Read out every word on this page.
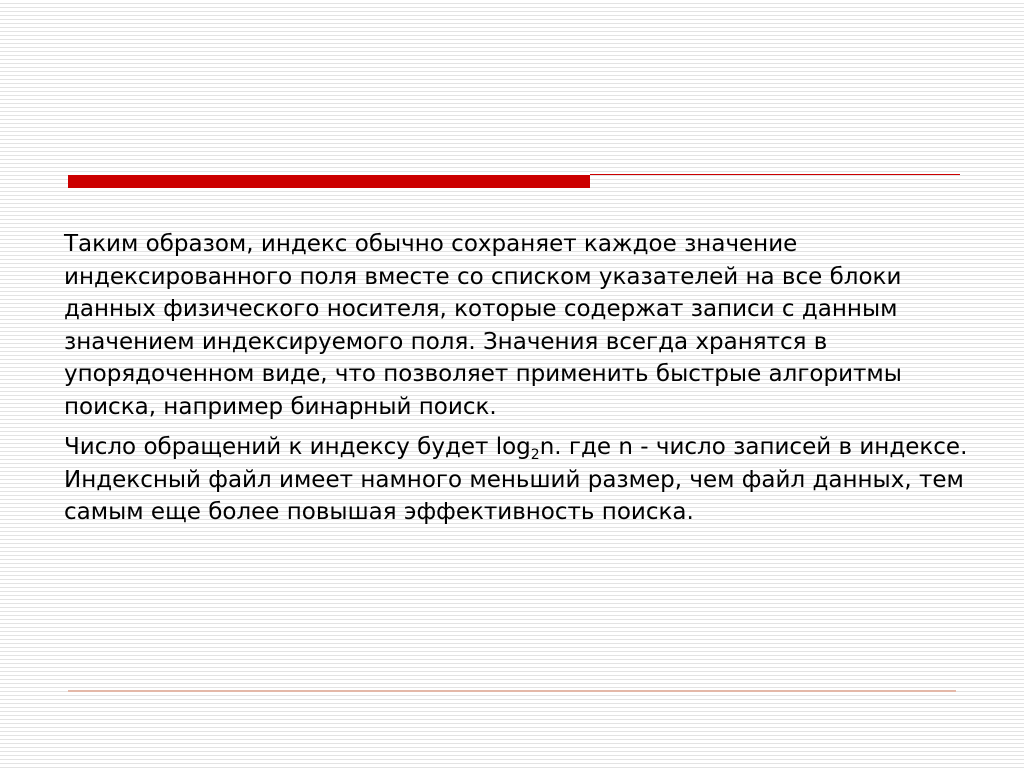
Таким образом, индекс обычно сохраняет каждое значение индексированного поля вместе со списком указателей на все блоки данных физического носителя, которые содержат записи с данным значением индексируемого поля. Значения всегда хранятся в упорядоченном виде, что позволяет применить быстрые алгоритмы поиска, например бинарный поиск.

Число обращений к индексу будет $\log_2n$. где n - число записей в индексе. Индексный файл имеет намного меньший размер, чем файл данных, тем самым еще более повышая эффективность поиска.
